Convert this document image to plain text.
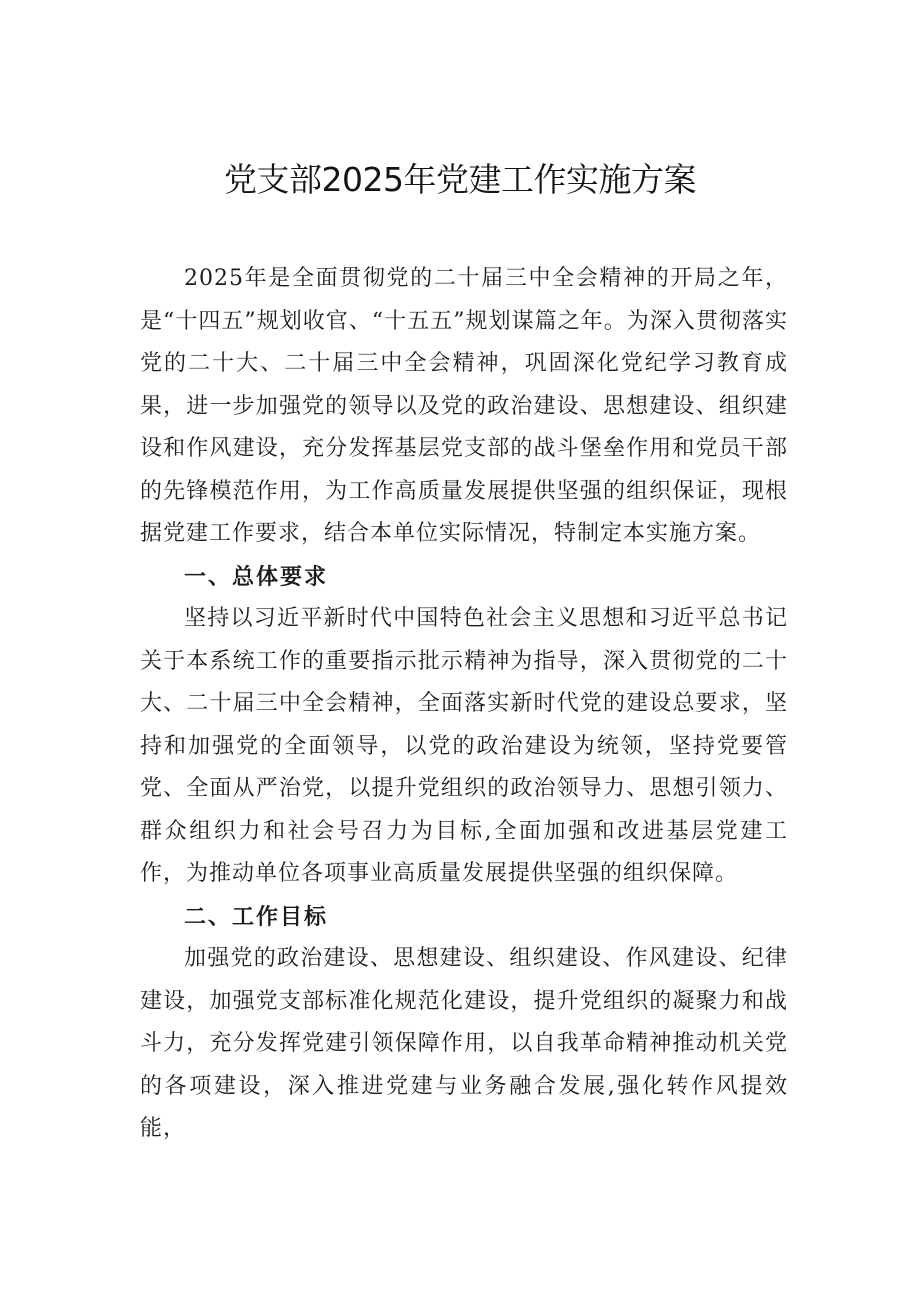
党支部2025年党建工作实施方案

2025年是全面贯彻党的二十届三中全会精神的开局之年，是“十四五”规划收官、“十五五”规划谋篇之年。为深入贯彻落实党的二十大、二十届三中全会精神，巩固深化党纪学习教育成果，进一步加强党的领导以及党的政治建设、思想建设、组织建设和作风建设，充分发挥基层党支部的战斗堡垒作用和党员干部的先锋模范作用，为工作高质量发展提供坚强的组织保证，现根据党建工作要求，结合本单位实际情况，特制定本实施方案。

一、总体要求

坚持以习近平新时代中国特色社会主义思想和习近平总书记关于本系统工作的重要指示批示精神为指导，深入贯彻党的二十大、二十届三中全会精神，全面落实新时代党的建设总要求，坚持和加强党的全面领导，以党的政治建设为统领，坚持党要管党、全面从严治党，以提升党组织的政治领导力、思想引领力、群众组织力和社会号召力为目标,全面加强和改进基层党建工作，为推动单位各项事业高质量发展提供坚强的组织保障。

二、工作目标

加强党的政治建设、思想建设、组织建设、作风建设、纪律建设，加强党支部标准化规范化建设，提升党组织的凝聚力和战斗力，充分发挥党建引领保障作用，以自我革命精神推动机关党的各项建设，深入推进党建与业务融合发展,强化转作风提效能，
